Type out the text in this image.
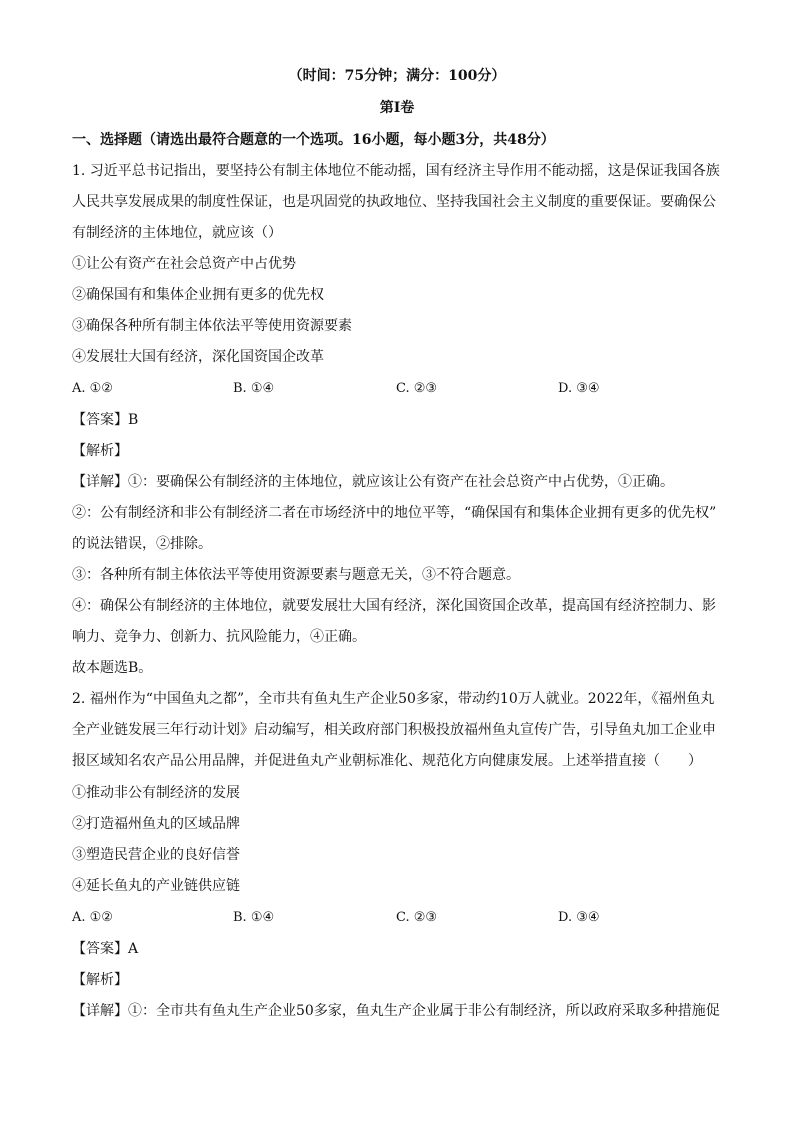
（时间：75分钟；满分：100分）
第Ⅰ卷
一、选择题（请选出最符合题意的一个选项。16小题，每小题3分，共48分）
1. 习近平总书记指出，要坚持公有制主体地位不能动摇，国有经济主导作用不能动摇，这是保证我国各族
人民共享发展成果的制度性保证，也是巩固党的执政地位、坚持我国社会主义制度的重要保证。要确保公
有制经济的主体地位，就应该（）
①让公有资产在社会总资产中占优势
②确保国有和集体企业拥有更多的优先权
③确保各种所有制主体依法平等使用资源要素
④发展壮大国有经济，深化国资国企改革
A. ①②	B. ①④	C. ②③	D. ③④
【答案】B
【解析】
【详解】①：要确保公有制经济的主体地位，就应该让公有资产在社会总资产中占优势，①正确。
②：公有制经济和非公有制经济二者在市场经济中的地位平等，“确保国有和集体企业拥有更多的优先权”
的说法错误，②排除。
③：各种所有制主体依法平等使用资源要素与题意无关，③不符合题意。
④：确保公有制经济的主体地位，就要发展壮大国有经济，深化国资国企改革，提高国有经济控制力、影
响力、竞争力、创新力、抗风险能力，④正确。
故本题选B。
2. 福州作为“中国鱼丸之都”，全市共有鱼丸生产企业50多家，带动约10万人就业。2022年，《福州鱼丸
全产业链发展三年行动计划》启动编写，相关政府部门积极投放福州鱼丸宣传广告，引导鱼丸加工企业申
报区域知名农产品公用品牌，并促进鱼丸产业朝标准化、规范化方向健康发展。上述举措直接（　　）
①推动非公有制经济的发展
②打造福州鱼丸的区域品牌
③塑造民营企业的良好信誉
④延长鱼丸的产业链供应链
A. ①②	B. ①④	C. ②③	D. ③④
【答案】A
【解析】
【详解】①：全市共有鱼丸生产企业50多家，鱼丸生产企业属于非公有制经济，所以政府采取多种措施促
